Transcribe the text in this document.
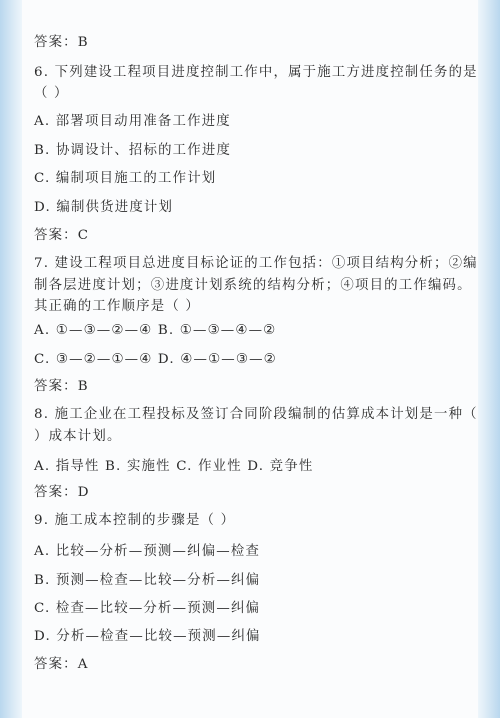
答案：B
6. 下列建设工程项目进度控制工作中，属于施工方进度控制任务的是
（ ）
A. 部署项目动用准备工作进度
B. 协调设计、招标的工作进度
C. 编制项目施工的工作计划
D. 编制供货进度计划
答案：C
7. 建设工程项目总进度目标论证的工作包括：①项目结构分析；②编
制各层进度计划；③进度计划系统的结构分析；④项目的工作编码。
其正确的工作顺序是（ ）
A. ①—③—②—④ B. ①—③—④—②
C. ③—②—①—④ D. ④—①—③—②
答案：B
8. 施工企业在工程投标及签订合同阶段编制的估算成本计划是一种（
）成本计划。
A. 指导性 B. 实施性 C. 作业性 D. 竞争性
答案：D
9. 施工成本控制的步骤是（ ）
A. 比较—分析—预测—纠偏—检查
B. 预测—检查—比较—分析—纠偏
C. 检查—比较—分析—预测—纠偏
D. 分析—检查—比较—预测—纠偏
答案：A
